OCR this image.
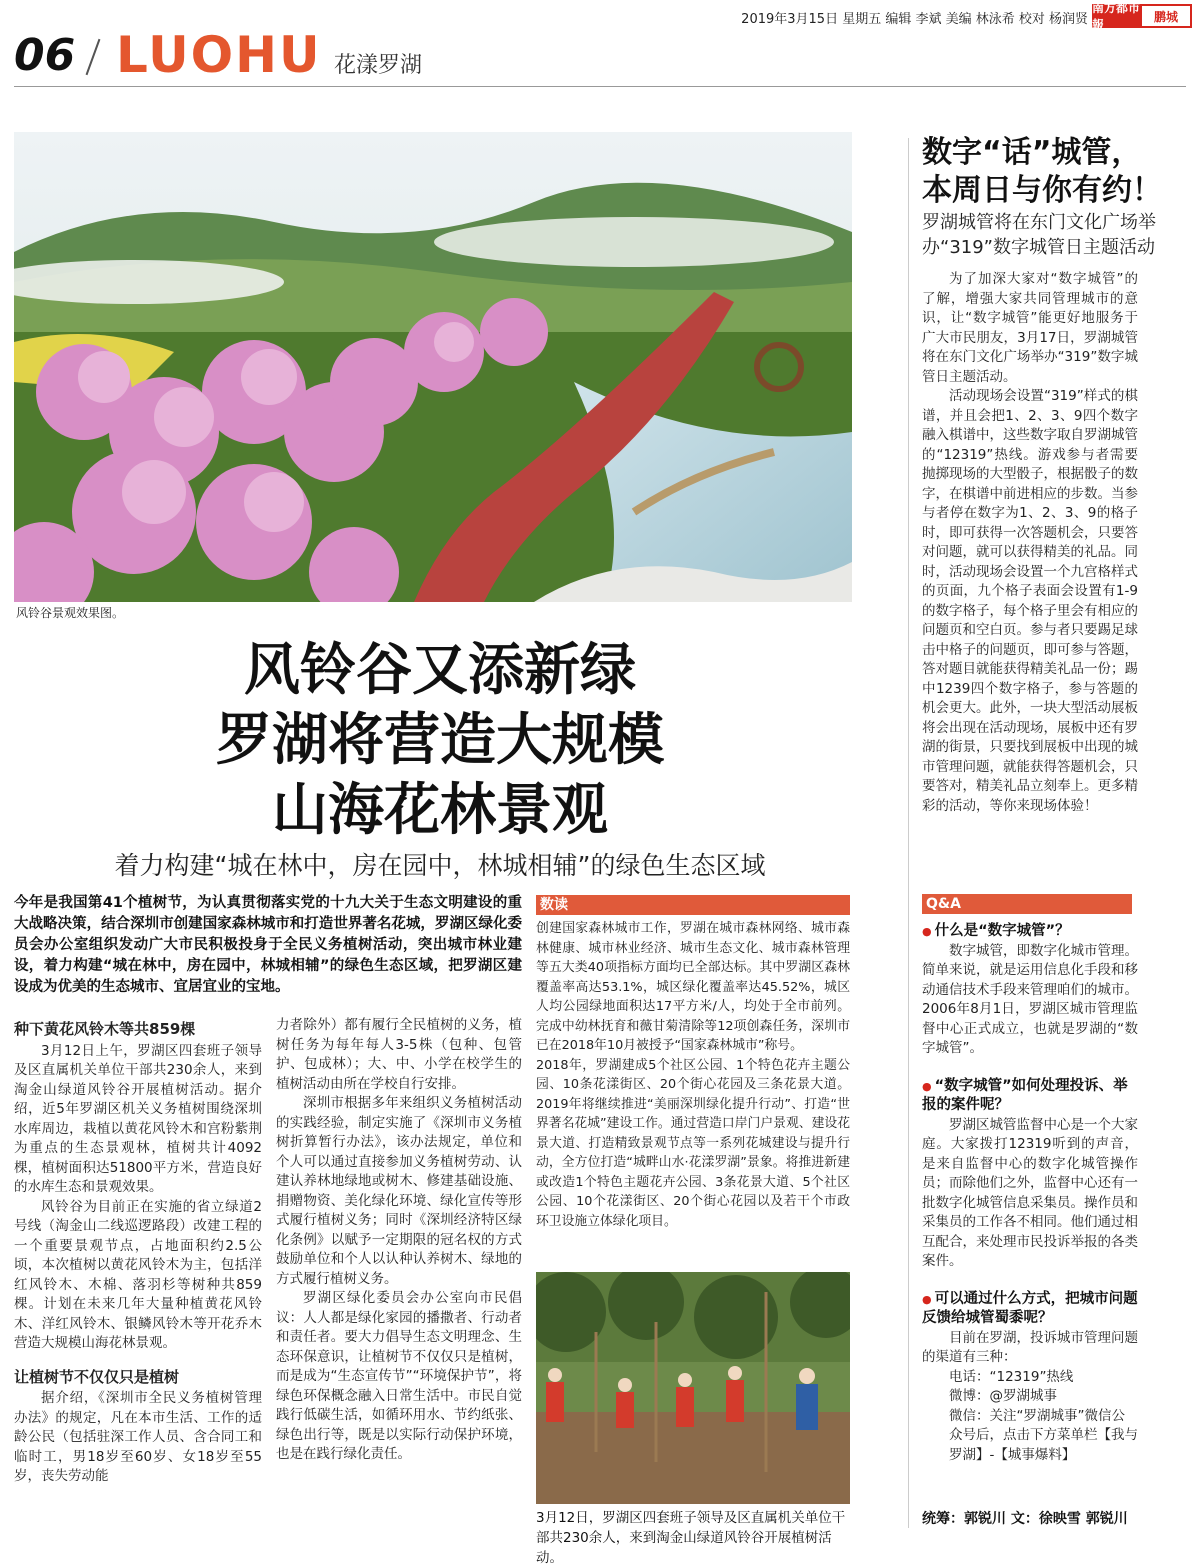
2019年3月15日 星期五 编辑 李斌 美编 林泳希 校对 杨润贤
南方都市報
鹏城
06 LUOHU 花漾罗湖
风铃谷景观效果图。
风铃谷又添新绿
罗湖将营造大规模
山海花林景观
着力构建“城在林中，房在园中，林城相辅”的绿色生态区域
今年是我国第41个植树节，为认真贯彻落实党的十九大关于生态文明建设的重大战略决策，结合深圳市创建国家森林城市和打造世界著名花城，罗湖区绿化委员会办公室组织发动广大市民积极投身于全民义务植树活动，突出城市林业建设，着力构建“城在林中，房在园中，林城相辅”的绿色生态区域，把罗湖区建设成为优美的生态城市、宜居宜业的宝地。

种下黄花风铃木等共859棵

3月12日上午，罗湖区四套班子领导及区直属机关单位干部共230余人，来到淘金山绿道风铃谷开展植树活动。据介绍，近5年罗湖区机关义务植树围绕深圳水库周边，栽植以黄花风铃木和宫粉紫荆为重点的生态景观林，植树共计4092棵，植树面积达51800平方米，营造良好的水库生态和景观效果。

风铃谷为目前正在实施的省立绿道2号线（淘金山二线巡逻路段）改建工程的一个重要景观节点，占地面积约2.5公顷，本次植树以黄花风铃木为主，包括洋红风铃木、木棉、落羽杉等树种共859棵。计划在未来几年大量种植黄花风铃木、洋红风铃木、银鳞风铃木等开花乔木营造大规模山海花林景观。

让植树节不仅仅只是植树

据介绍，《深圳市全民义务植树管理办法》的规定，凡在本市生活、工作的适龄公民（包括驻深工作人员、含合同工和临时工，男18岁至60岁、女18岁至55岁，丧失劳动能

力者除外）都有履行全民植树的义务，植树任务为每年每人3-5株（包种、包管护、包成林）；大、中、小学在校学生的植树活动由所在学校自行安排。

深圳市根据多年来组织义务植树活动的实践经验，制定实施了《深圳市义务植树折算暂行办法》，该办法规定，单位和个人可以通过直接参加义务植树劳动、认建认养林地绿地或树木、修建基础设施、捐赠物资、美化绿化环境、绿化宣传等形式履行植树义务；同时《深圳经济特区绿化条例》以赋予一定期限的冠名权的方式鼓励单位和个人以认种认养树木、绿地的方式履行植树义务。

罗湖区绿化委员会办公室向市民倡议：人人都是绿化家园的播撒者、行动者和责任者。要大力倡导生态文明理念、生态环保意识，让植树节不仅仅只是植树，而是成为“生态宣传节”“环境保护节”，将绿色环保概念融入日常生活中。市民自觉践行低碳生活，如循环用水、节约纸张、绿色出行等，既是以实际行动保护环境，也是在践行绿化责任。

数读

创建国家森林城市工作，罗湖在城市森林网络、城市森林健康、城市林业经济、城市生态文化、城市森林管理等五大类40项指标方面均已全部达标。其中罗湖区森林覆盖率高达53.1%，城区绿化覆盖率达45.52%，城区人均公园绿地面积达17平方米/人，均处于全市前列。完成中幼林抚育和薇甘菊清除等12项创森任务，深圳市已在2018年10月被授予“国家森林城市”称号。

2018年，罗湖建成5个社区公园、1个特色花卉主题公园、10条花漾街区、20个街心花园及三条花景大道。2019年将继续推进“美丽深圳绿化提升行动”、打造“世界著名花城”建设工作。通过营造口岸门户景观、建设花景大道、打造精致景观节点等一系列花城建设与提升行动，全方位打造“城畔山水·花漾罗湖”景象。将推进新建或改造1个特色主题花卉公园、3条花景大道、5个社区公园、10个花漾街区、20个街心花园以及若干个市政环卫设施立体绿化项目。

3月12日，罗湖区四套班子领导及区直属机关单位干部共230余人，来到淘金山绿道风铃谷开展植树活动。
数字“话”城管，
本周日与你有约！
罗湖城管将在东门文化广场举办“319”数字城管日主题活动

为了加深大家对“数字城管”的了解，增强大家共同管理城市的意识，让“数字城管”能更好地服务于广大市民朋友，3月17日，罗湖城管将在东门文化广场举办“319”数字城管日主题活动。

活动现场会设置“319”样式的棋谱，并且会把1、2、3、9四个数字融入棋谱中，这些数字取自罗湖城管的“12319”热线。游戏参与者需要抛掷现场的大型骰子，根据骰子的数字，在棋谱中前进相应的步数。当参与者停在数字为1、2、3、9的格子时，即可获得一次答题机会，只要答对问题，就可以获得精美的礼品。同时，活动现场会设置一个九宫格样式的页面，九个格子表面会设置有1-9的数字格子，每个格子里会有相应的问题页和空白页。参与者只要踢足球击中格子的问题页，即可参与答题，答对题目就能获得精美礼品一份；踢中1239四个数字格子，参与答题的机会更大。此外，一块大型活动展板将会出现在活动现场，展板中还有罗湖的街景，只要找到展板中出现的城市管理问题，就能获得答题机会，只要答对，精美礼品立刻奉上。更多精彩的活动，等你来现场体验！

Q&A
● 什么是“数字城管”？
数字城管，即数字化城市管理。简单来说，就是运用信息化手段和移动通信技术手段来管理咱们的城市。2006年8月1日，罗湖区城市管理监督中心正式成立，也就是罗湖的“数字城管”。
● “数字城管”如何处理投诉、举报的案件呢？
罗湖区城管监督中心是一个大家庭。大家拨打12319听到的声音，是来自监督中心的数字化城管操作员；而除他们之外，监督中心还有一批数字化城管信息采集员。操作员和采集员的工作各不相同。他们通过相互配合，来处理市民投诉举报的各类案件。
● 可以通过什么方式，把城市问题反馈给城管蜀黍呢？
目前在罗湖，投诉城市管理问题的渠道有三种：
电话：“12319”热线
微博：@罗湖城事
微信：关注“罗湖城事”微信公众号后，点击下方菜单栏【我与罗湖】-【城事爆料】
统筹：郭锐川 文：徐映雪 郭锐川
